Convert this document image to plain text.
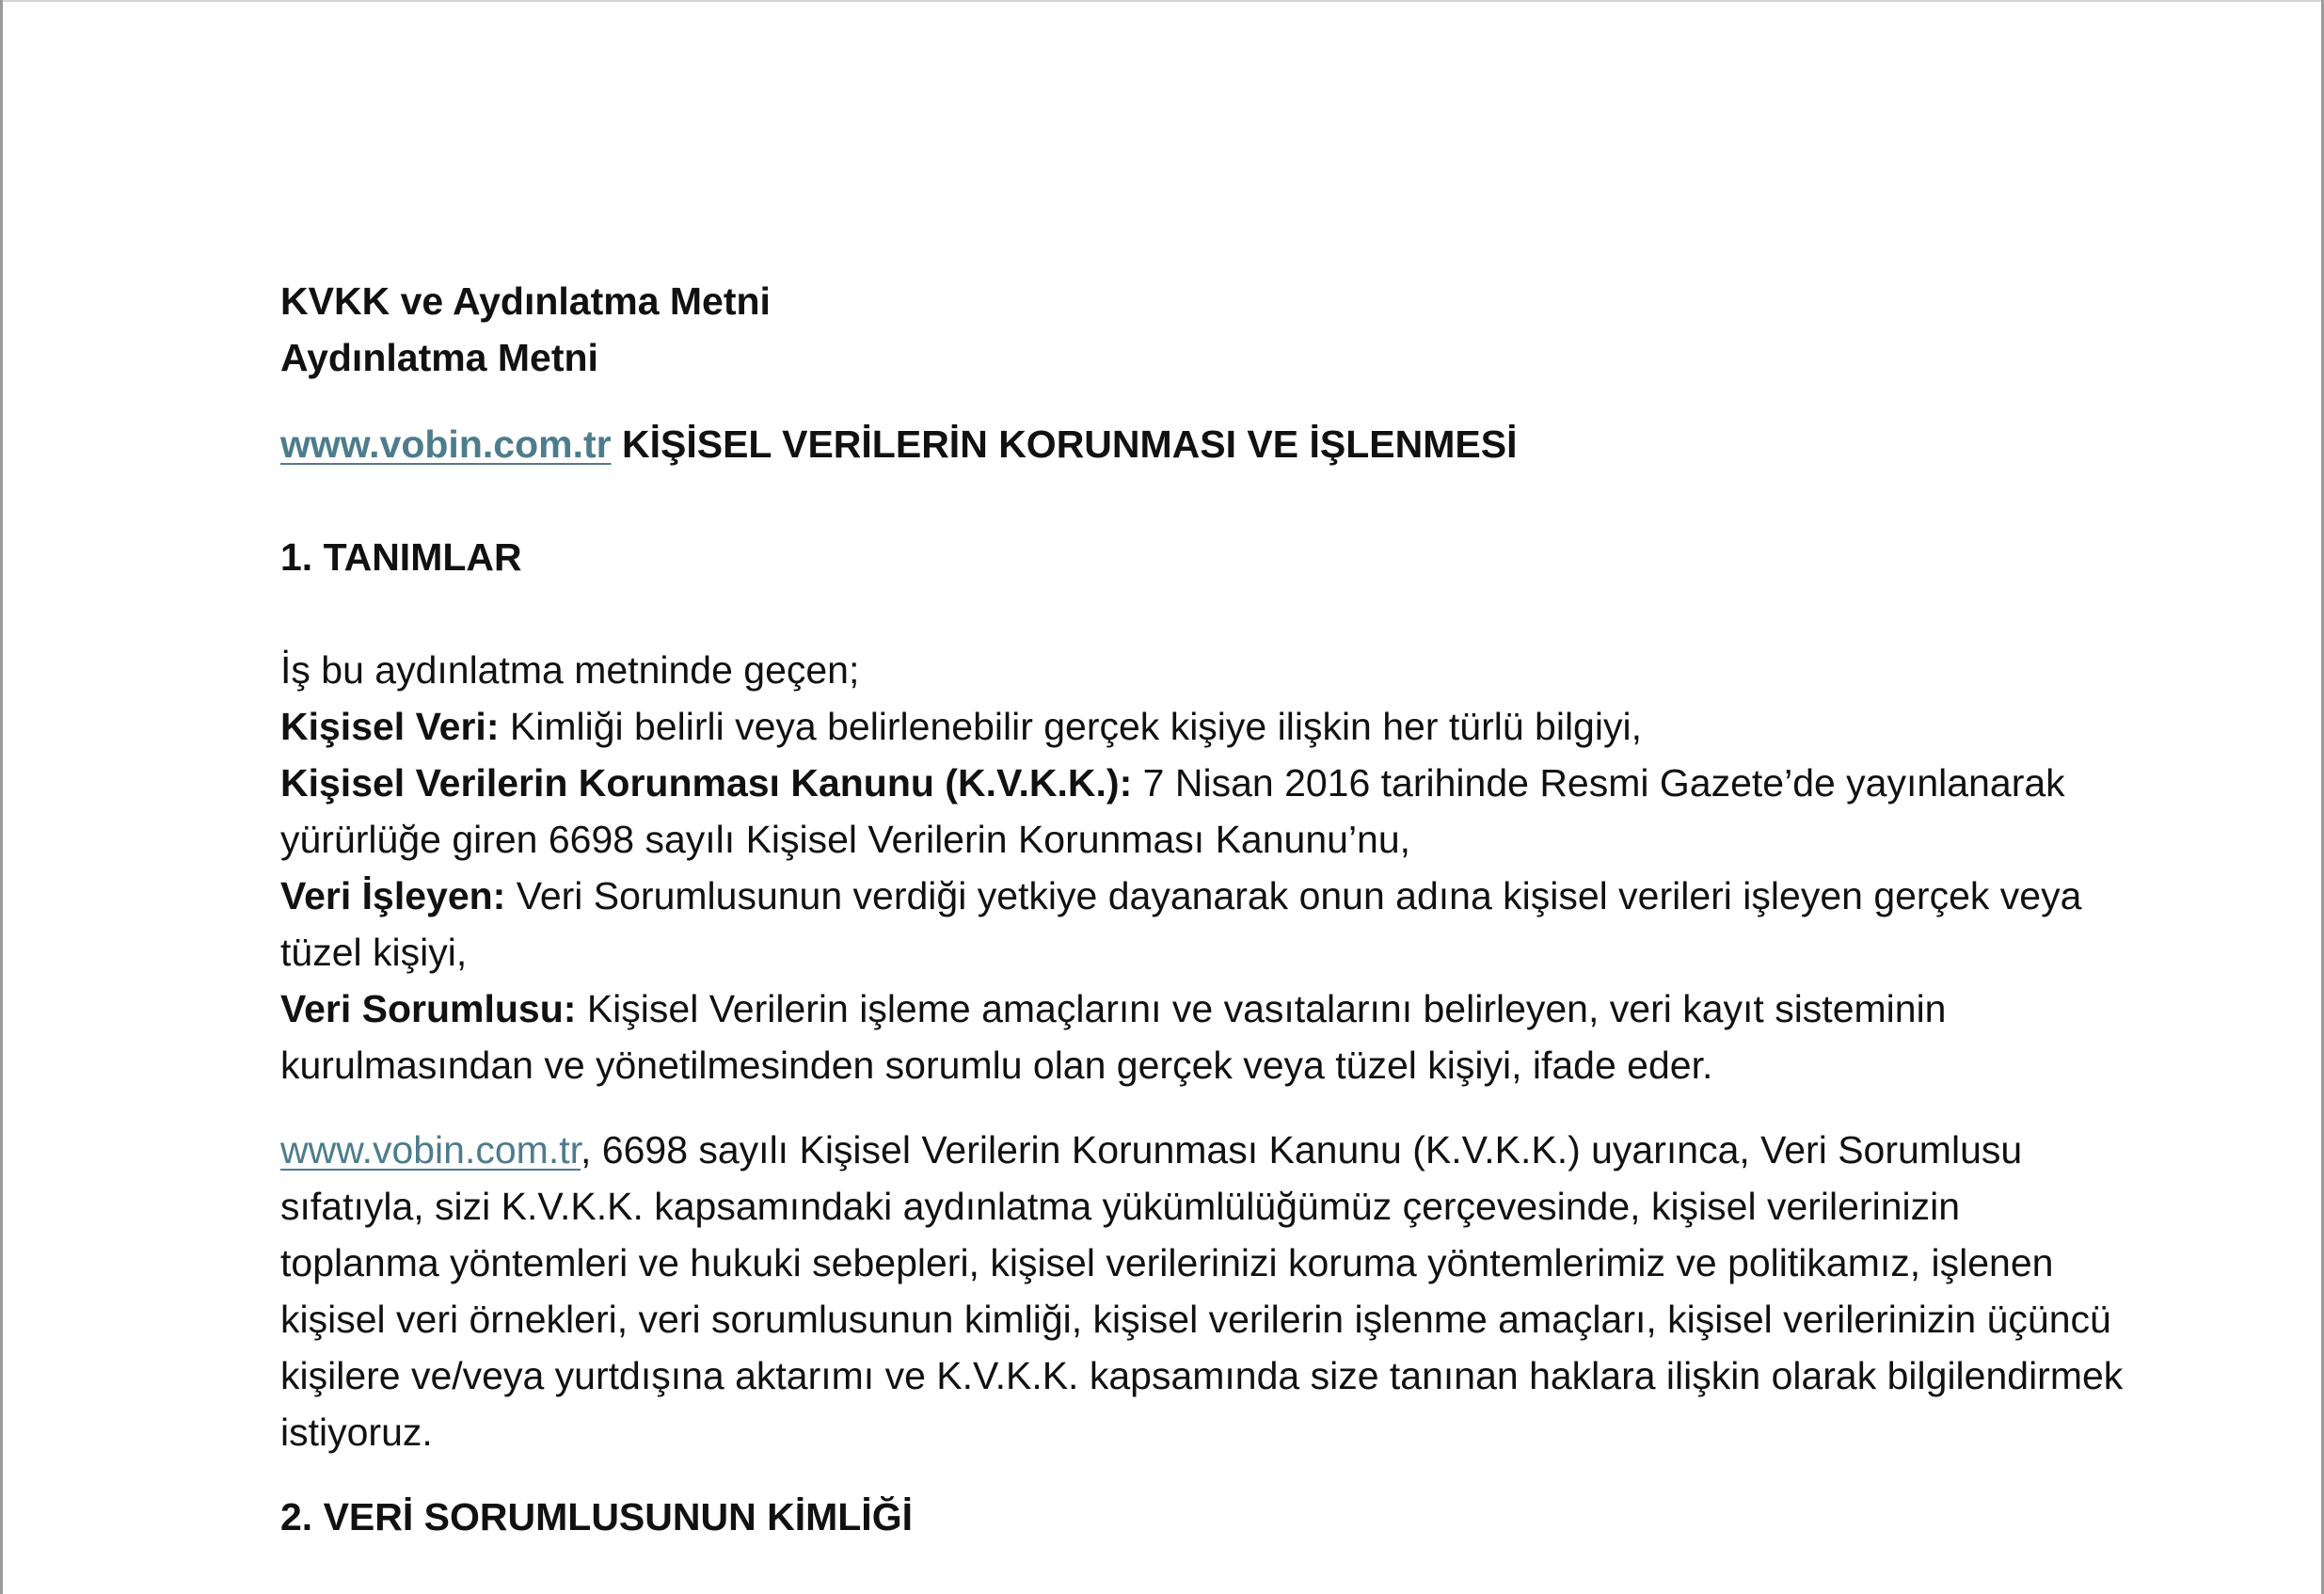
KVKK ve Aydınlatma Metni

Aydınlatma Metni

www.vobin.com.tr KİŞİSEL VERİLERİN KORUNMASI VE İŞLENMESİ

1. TANIMLAR

İş bu aydınlatma metninde geçen;

Kişisel Veri: Kimliği belirli veya belirlenebilir gerçek kişiye ilişkin her türlü bilgiyi,

Kişisel Verilerin Korunması Kanunu (K.V.K.K.): 7 Nisan 2016 tarihinde Resmi Gazete’de yayınlanarak yürürlüğe giren 6698 sayılı Kişisel Verilerin Korunması Kanunu’nu,

Veri İşleyen: Veri Sorumlusunun verdiği yetkiye dayanarak onun adına kişisel verileri işleyen gerçek veya tüzel kişiyi,

Veri Sorumlusu: Kişisel Verilerin işleme amaçlarını ve vasıtalarını belirleyen, veri kayıt sisteminin kurulmasından ve yönetilmesinden sorumlu olan gerçek veya tüzel kişiyi, ifade eder.

www.vobin.com.tr, 6698 sayılı Kişisel Verilerin Korunması Kanunu (K.V.K.K.) uyarınca, Veri Sorumlusu sıfatıyla, sizi K.V.K.K. kapsamındaki aydınlatma yükümlülüğümüz çerçevesinde, kişisel verilerinizin toplanma yöntemleri ve hukuki sebepleri, kişisel verilerinizi koruma yöntemlerimiz ve politikamız, işlenen kişisel veri örnekleri, veri sorumlusunun kimliği, kişisel verilerin işlenme amaçları, kişisel verilerinizin üçüncü kişilere ve/veya yurtdışına aktarımı ve K.V.K.K. kapsamında size tanınan haklara ilişkin olarak bilgilendirmek istiyoruz.

2. VERİ SORUMLUSUNUN KİMLİĞİ
